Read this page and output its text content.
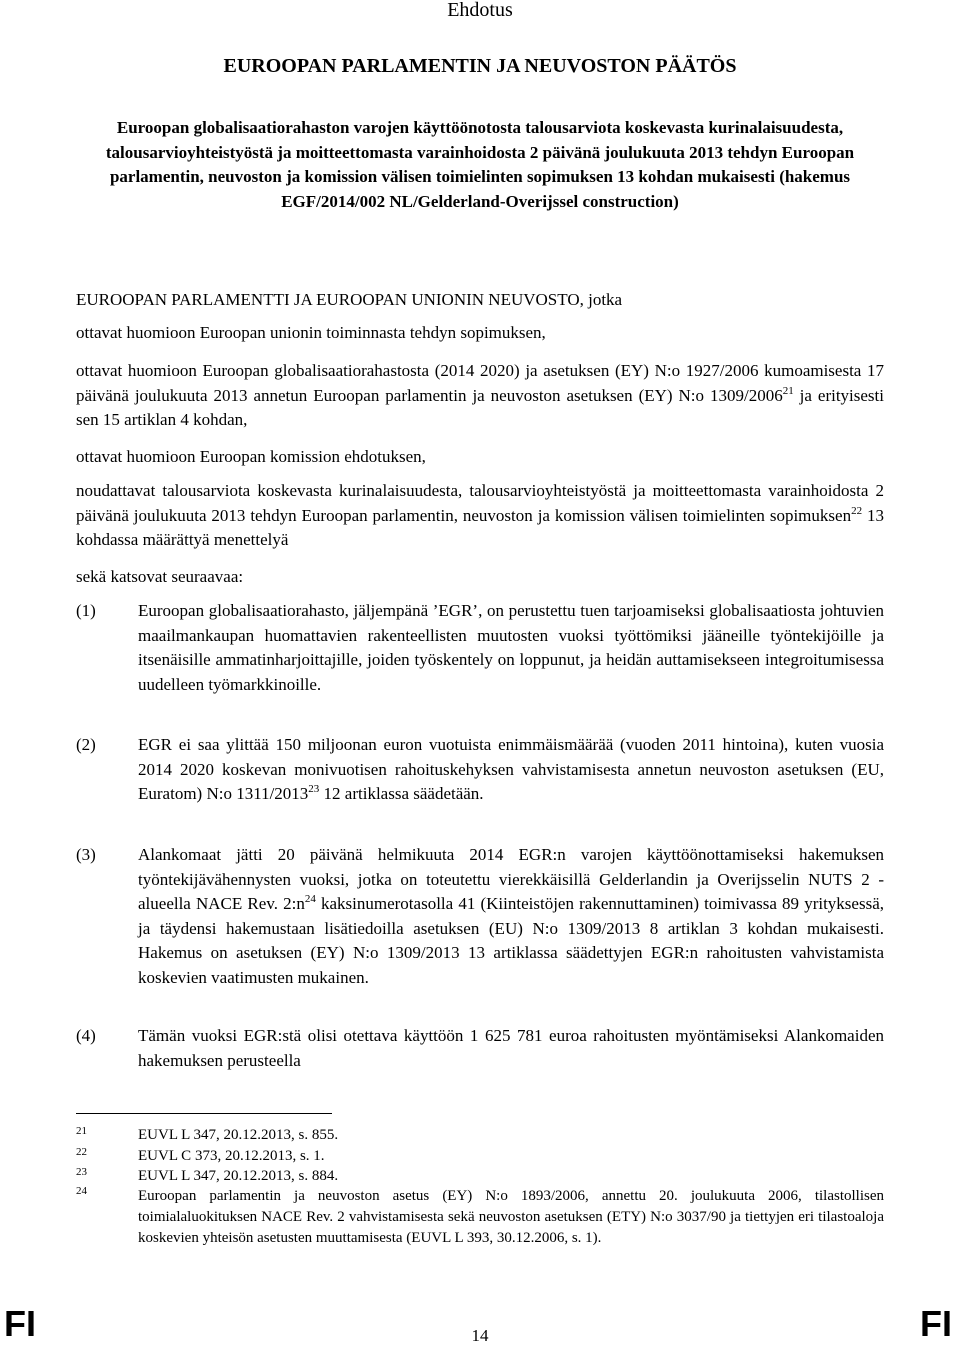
Ehdotus
EUROOPAN PARLAMENTIN JA NEUVOSTON PÄÄTÖS
Euroopan globalisaatiorahaston varojen käyttöönotosta talousarviota koskevasta kurinalaisuudesta, talousarvioyhteistyöstä ja moitteettomasta varainhoidosta 2 päivänä joulukuuta 2013 tehdyn Euroopan parlamentin, neuvoston ja komission välisen toimielinten sopimuksen 13 kohdan mukaisesti (hakemus EGF/2014/002 NL/Gelderland-Overijssel construction)
EUROOPAN PARLAMENTTI JA EUROOPAN UNIONIN NEUVOSTO, jotka
ottavat huomioon Euroopan unionin toiminnasta tehdyn sopimuksen,
ottavat huomioon Euroopan globalisaatiorahastosta (2014 2020) ja asetuksen (EY) N:o 1927/2006 kumoamisesta 17 päivänä joulukuuta 2013 annetun Euroopan parlamentin ja neuvoston asetuksen (EY) N:o 1309/2006$^{21}$ ja erityisesti sen 15 artiklan 4 kohdan,
ottavat huomioon Euroopan komission ehdotuksen,
noudattavat talousarviota koskevasta kurinalaisuudesta, talousarvioyhteistyöstä ja moitteettomasta varainhoidosta 2 päivänä joulukuuta 2013 tehdyn Euroopan parlamentin, neuvoston ja komission välisen toimielinten sopimuksen$^{22}$ 13 kohdassa määrättyä menettelyä
sekä katsovat seuraavaa:
(1) Euroopan globalisaatiorahasto, jäljempänä ’EGR’, on perustettu tuen tarjoamiseksi globalisaatiosta johtuvien maailmankaupan huomattavien rakenteellisten muutosten vuoksi työttömiksi jääneille työntekijöille ja itsenäisille ammatinharjoittajille, joiden työskentely on loppunut, ja heidän auttamisekseen integroitumisessa uudelleen työmarkkinoille.
(2) EGR ei saa ylittää 150 miljoonan euron vuotuista enimmäismäärää (vuoden 2011 hintoina), kuten vuosia 2014 2020 koskevan monivuotisen rahoituskehyksen vahvistamisesta annetun neuvoston asetuksen (EU, Euratom) N:o 1311/2013$^{23}$ 12 artiklassa säädetään.
(3) Alankomaat jätti 20 päivänä helmikuuta 2014 EGR:n varojen käyttöönottamiseksi hakemuksen työntekijävähennysten vuoksi, jotka on toteutettu vierekkäisillä Gelderlandin ja Overijsselin NUTS 2 -alueella NACE Rev. $2:n^{24}$ kaksinumerotasolla 41 (Kiinteistöjen rakennuttaminen) toimivassa 89 yrityksessä, ja täydensi hakemustaan lisätiedoilla asetuksen (EU) N:o 1309/2013 8 artiklan 3 kohdan mukaisesti. Hakemus on asetuksen (EY) N:o 1309/2013 13 artiklassa säädettyjen EGR:n rahoitusten vahvistamista koskevien vaatimusten mukainen.
(4) Tämän vuoksi EGR:stä olisi otettava käyttöön 1 625 781 euroa rahoitusten myöntämiseksi Alankomaiden hakemuksen perusteella
21	EUVL L 347, 20.12.2013, s. 855.
22	EUVL C 373, 20.12.2013, s. 1.
23	EUVL L 347, 20.12.2013, s. 884.
24	Euroopan parlamentin ja neuvoston asetus (EY) N:o 1893/2006, annettu 20. joulukuuta 2006, tilastollisen toimialaluokituksen NACE Rev. 2 vahvistamisesta sekä neuvoston asetuksen (ETY) N:o 3037/90 ja tiettyjen eri tilastoaloja koskevien yhteisön asetusten muuttamisesta (EUVL L 393, 30.12.2006, s. 1).
FI	14	FI
